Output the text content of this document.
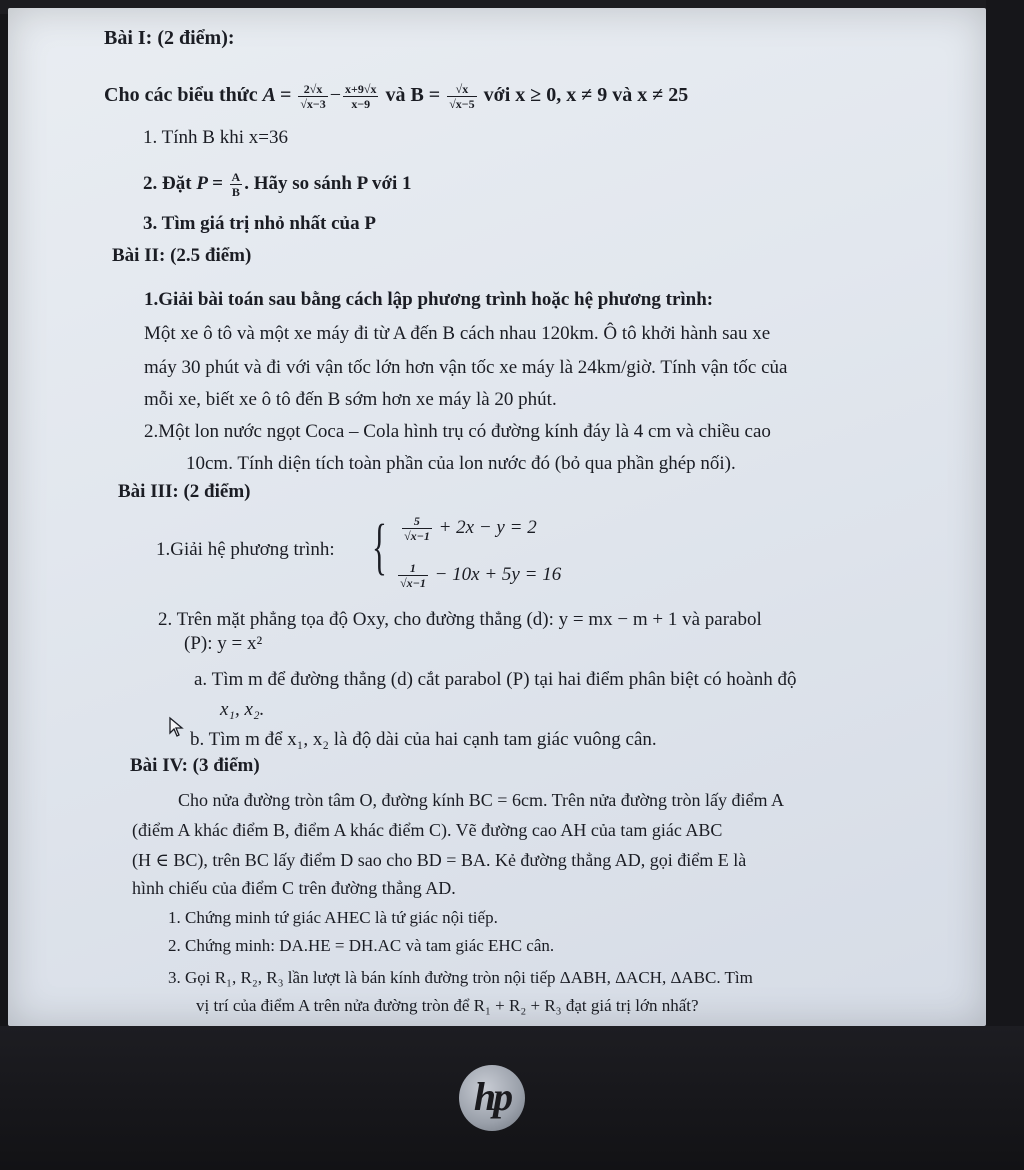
Bài I: (2 điểm):
Cho các biểu thức $A = \frac{2√x}{√x-3} - \frac{x+9√x}{x-9}$ và $B = \frac{√x}{√x-5}$ với x ≥ 0, x ≠ 9 và x ≠ 25
1. Tính B khi x=36
2. Đặt $P = \frac{A}{B}$ . Hãy so sánh P với 1
3. Tìm giá trị nhỏ nhất của P
Bài II: (2.5 điểm)
1.Giải bài toán sau bằng cách lập phương trình hoặc hệ phương trình:
Một xe ô tô và một xe máy đi từ A đến B cách nhau 120km. Ô tô khởi hành sau xe
máy 30 phút và đi với vận tốc lớn hơn vận tốc xe máy là 24km/giờ. Tính vận tốc của
mỗi xe, biết xe ô tô đến B sớm hơn xe máy là 20 phút.
2.Một lon nước ngọt Coca – Cola hình trụ có đường kính đáy là 4 cm và chiều cao
10cm. Tính diện tích toàn phần của lon nước đó (bỏ qua phần ghép nối).
Bài III: (2 điểm)
1.Giải hệ phương trình: { $\frac{5}{√x-1} + 2x - y = 2$
$\frac{1}{√x-1} - 10x + 5y = 16$
2. Trên mặt phẳng tọa độ Oxy, cho đường thẳng (d): y = mx − m + 1 và parabol
(P): y = x²
a. Tìm m để đường thẳng (d) cắt parabol (P) tại hai điểm phân biệt có hoành độ
x₁, x₂.
b. Tìm m để x₁, x₂ là độ dài của hai cạnh tam giác vuông cân.
Bài IV: (3 điểm)
Cho nửa đường tròn tâm O, đường kính BC = 6cm. Trên nửa đường tròn lấy điểm A
(điểm A khác điểm B, điểm A khác điểm C). Vẽ đường cao AH của tam giác ABC
(H ∈ BC), trên BC lấy điểm D sao cho BD = BA. Kẻ đường thẳng AD, gọi điểm E là
hình chiếu của điểm C trên đường thẳng AD.
1. Chứng minh tứ giác AHEC là tứ giác nội tiếp.
2. Chứng minh: DA.HE = DH.AC và tam giác EHC cân.
3. Gọi R₁, R₂, R₃ lần lượt là bán kính đường tròn nội tiếp ΔABH, ΔACH, ΔABC. Tìm
vị trí của điểm A trên nửa đường tròn để R₁ + R₂ + R₃ đạt giá trị lớn nhất?
hp
